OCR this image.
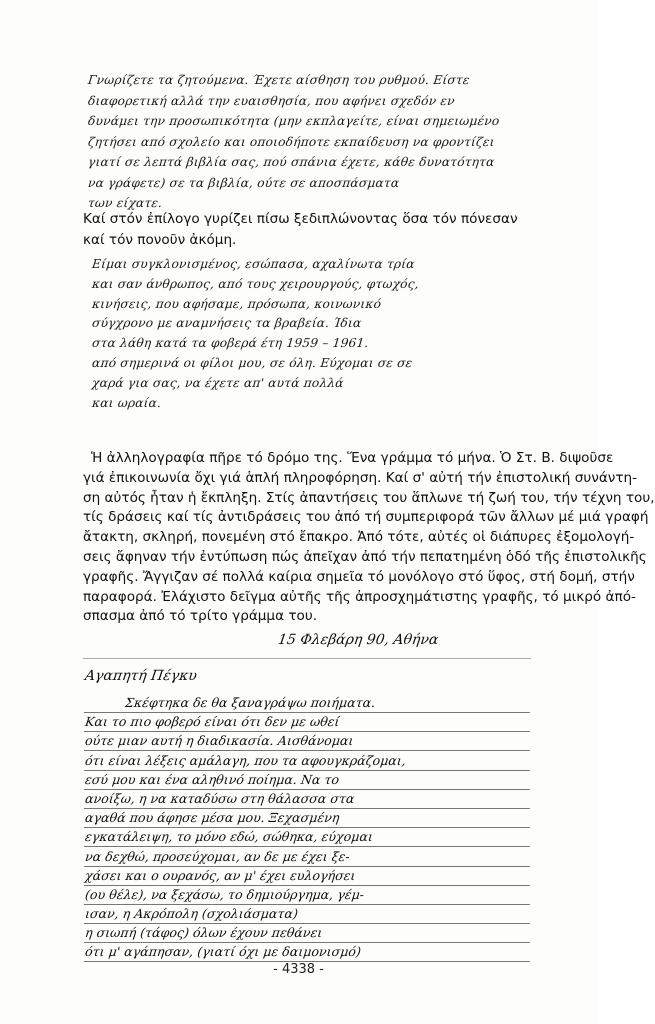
Γνωρίζετε τα ζητούμενα. Έχετε αίσθηση του ρυθμού. Είστε
διαφορετική αλλά την ευαισθησία, που αφήνει σχεδόν εν
δυνάμει την προσωπικότητα (μην εκπλαγείτε, είναι σημειωμένο
ζητήσει από σχολείο και οποιοδήποτε εκπαίδευση να φροντίζει
γιατί σε λεπτά βιβλία σας, πού σπάνια έχετε, κάθε δυνατότητα
να γράφετε) σε τα βιβλία, ούτε σε αποσπάσματα
των είχατε.
Καί στόν ἐπίλογο γυρίζει πίσω ξεδιπλώνοντας ὅσα τόν πόνεσαν καί τόν πονοῦν ἀκόμη.
Είμαι συγκλονισμένος, εσώπασα, αχαλίνωτα τρία
και σαν άνθρωπος, από τους χειρουργούς, φτωχός,
κινήσεις, που αφήσαμε, πρόσωπα, κοινωνικό
σύγχρονο με αναμνήσεις τα βραβεία. Ίδια
στα λάθη κατά τα φοβερά έτη 1959 – 1961.
από σημερινά οι φίλοι μου, σε όλη. Εύχομαι σε σε
χαρά για σας, να έχετε απ' αυτά πολλά
και ωραία.
Ἡ ἀλληλογραφία πῆρε τό δρόμο της. Ἕνα γράμμα τό μήνα. Ὁ Στ. Β. διψοῦσε
γιά ἐπικοινωνία ὄχι γιά ἁπλή πληροφόρηση. Καί σ' αὐτή τήν ἐπιστολική συνάντη-
ση αὐτός ἦταν ἡ ἔκπληξη. Στίς ἀπαντήσεις του ἅπλωνε τή ζωή του, τήν τέχνη του,
τίς δράσεις καί τίς ἀντιδράσεις του ἀπό τή συμπεριφορά τῶν ἄλλων μέ μιά γραφή
ἄτακτη, σκληρή, πονεμένη στό ἔπακρο. Ἀπό τότε, αὐτές οἱ διάπυρες ἐξομολογή-
σεις ἄφηναν τήν ἐντύπωση πώς ἀπεῖχαν ἀπό τήν πεπατημένη ὁδό τῆς ἐπιστολικῆς
γραφῆς. Ἄγγιζαν σέ πολλά καίρια σημεῖα τό μονόλογο στό ὕφος, στή δομή, στήν
παραφορά. Ἐλάχιστο δεῖγμα αὐτῆς τῆς ἀπροσχημάτιστης γραφῆς, τό μικρό ἀπό-
σπασμα ἀπό τό τρίτο γράμμα του.
15 Φλεβάρη 90, Αθήνα
Αγαπητή Πέγκυ
Σκέφτηκα δε θα ξαναγράψω ποιήματα.
Και το πιο φοβερό είναι ότι δεν με ωθεί
ούτε μιαν αυτή η διαδικασία. Αισθάνομαι
ότι είναι λέξεις αμάλαγη, που τα αφουγκράζομαι,
εσύ μου και ένα αληθινό ποίημα. Να το
ανοίξω, η να καταδύσω στη θάλασσα στα
αγαθά που άφησε μέσα μου. Ξεχασμένη
εγκατάλειψη, το μόνο εδώ, σώθηκα, εύχομαι
να δεχθώ, προσεύχομαι, αν δε με έχει ξε-
χάσει και ο ουρανός, αν μ' έχει ευλογήσει
(ου θέλε), να ξεχάσω, το δημιούργημα, γέμ-
ισαν, η Ακρόπολη (σχολιάσματα)
η σιωπή (τάφος) όλων έχουν πεθάνει
ότι μ' αγάπησαν, (γιατί όχι με δαιμονισμό)
- 4338 -
